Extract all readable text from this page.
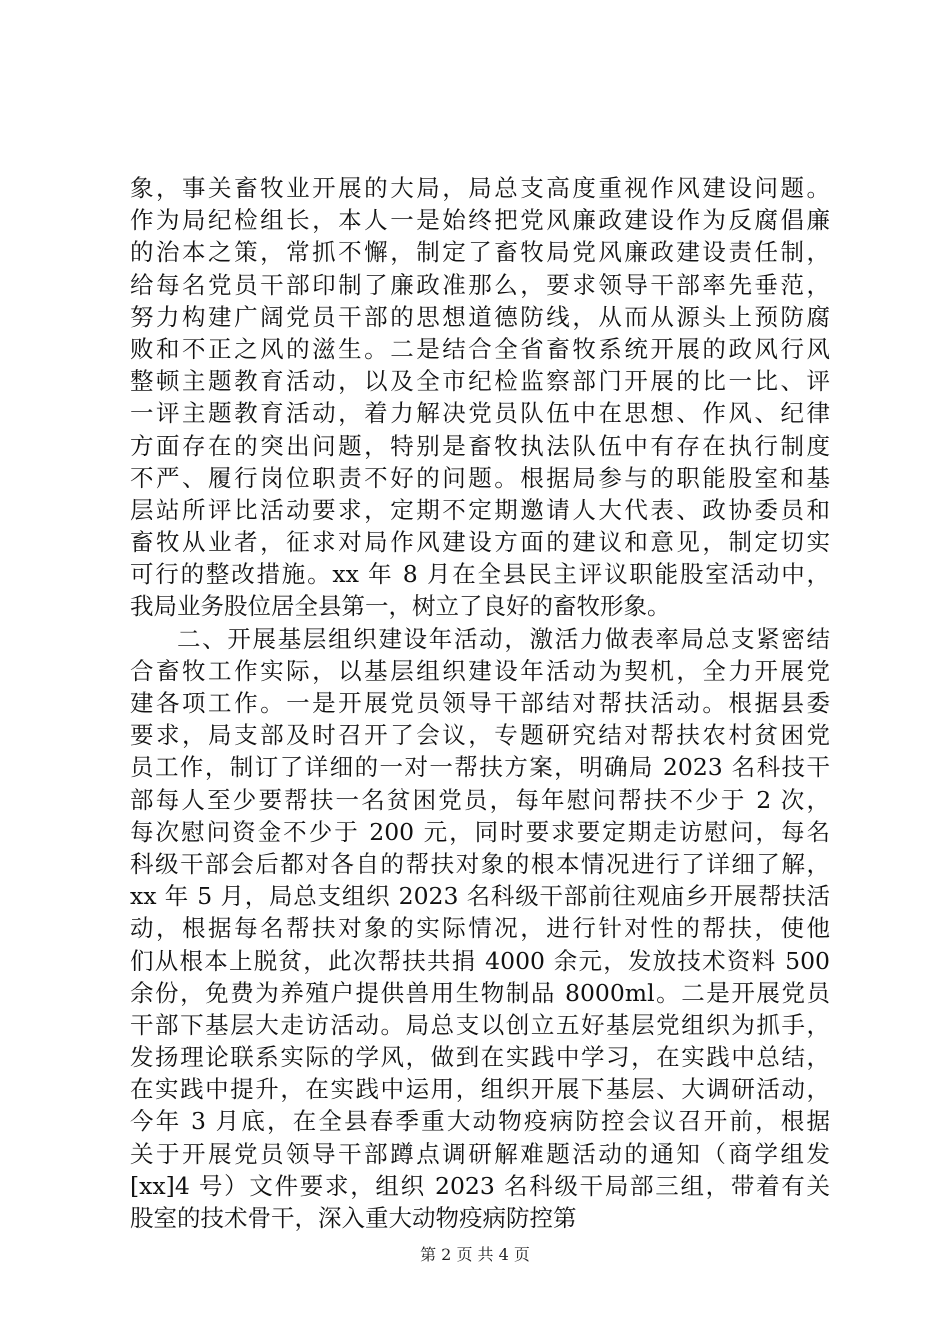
象，事关畜牧业开展的大局，局总支高度重视作风建设问题。
作为局纪检组长，本人一是始终把党风廉政建设作为反腐倡廉
的治本之策，常抓不懈，制定了畜牧局党风廉政建设责任制，
给每名党员干部印制了廉政准那么，要求领导干部率先垂范，
努力构建广阔党员干部的思想道德防线，从而从源头上预防腐
败和不正之风的滋生。二是结合全省畜牧系统开展的政风行风
整顿主题教育活动，以及全市纪检监察部门开展的比一比、评
一评主题教育活动，着力解决党员队伍中在思想、作风、纪律
方面存在的突出问题，特别是畜牧执法队伍中有存在执行制度
不严、履行岗位职责不好的问题。根据局参与的职能股室和基
层站所评比活动要求，定期不定期邀请人大代表、政协委员和
畜牧从业者，征求对局作风建设方面的建议和意见，制定切实
可行的整改措施。xx 年 8 月在全县民主评议职能股室活动中，
我局业务股位居全县第一，树立了良好的畜牧形象。
二、开展基层组织建设年活动，激活力做表率局总支紧密结
合畜牧工作实际，以基层组织建设年活动为契机，全力开展党
建各项工作。一是开展党员领导干部结对帮扶活动。根据县委
要求，局支部及时召开了会议，专题研究结对帮扶农村贫困党
员工作，制订了详细的一对一帮扶方案，明确局 2023 名科技干
部每人至少要帮扶一名贫困党员，每年慰问帮扶不少于 2 次，
每次慰问资金不少于 200 元，同时要求要定期走访慰问，每名
科级干部会后都对各自的帮扶对象的根本情况进行了详细了解，
xx 年 5 月，局总支组织 2023 名科级干部前往观庙乡开展帮扶活
动，根据每名帮扶对象的实际情况，进行针对性的帮扶，使他
们从根本上脱贫，此次帮扶共捐 4000 余元，发放技术资料 500
余份，免费为养殖户提供兽用生物制品 8000ml。二是开展党员
干部下基层大走访活动。局总支以创立五好基层党组织为抓手，
发扬理论联系实际的学风，做到在实践中学习，在实践中总结，
在实践中提升，在实践中运用，组织开展下基层、大调研活动，
今年 3 月底，在全县春季重大动物疫病防控会议召开前，根据
关于开展党员领导干部蹲点调研解难题活动的通知（商学组发
[xx]4 号）文件要求，组织 2023 名科级干局部三组，带着有关
股室的技术骨干，深入重大动物疫病防控第
第 2 页 共 4 页
